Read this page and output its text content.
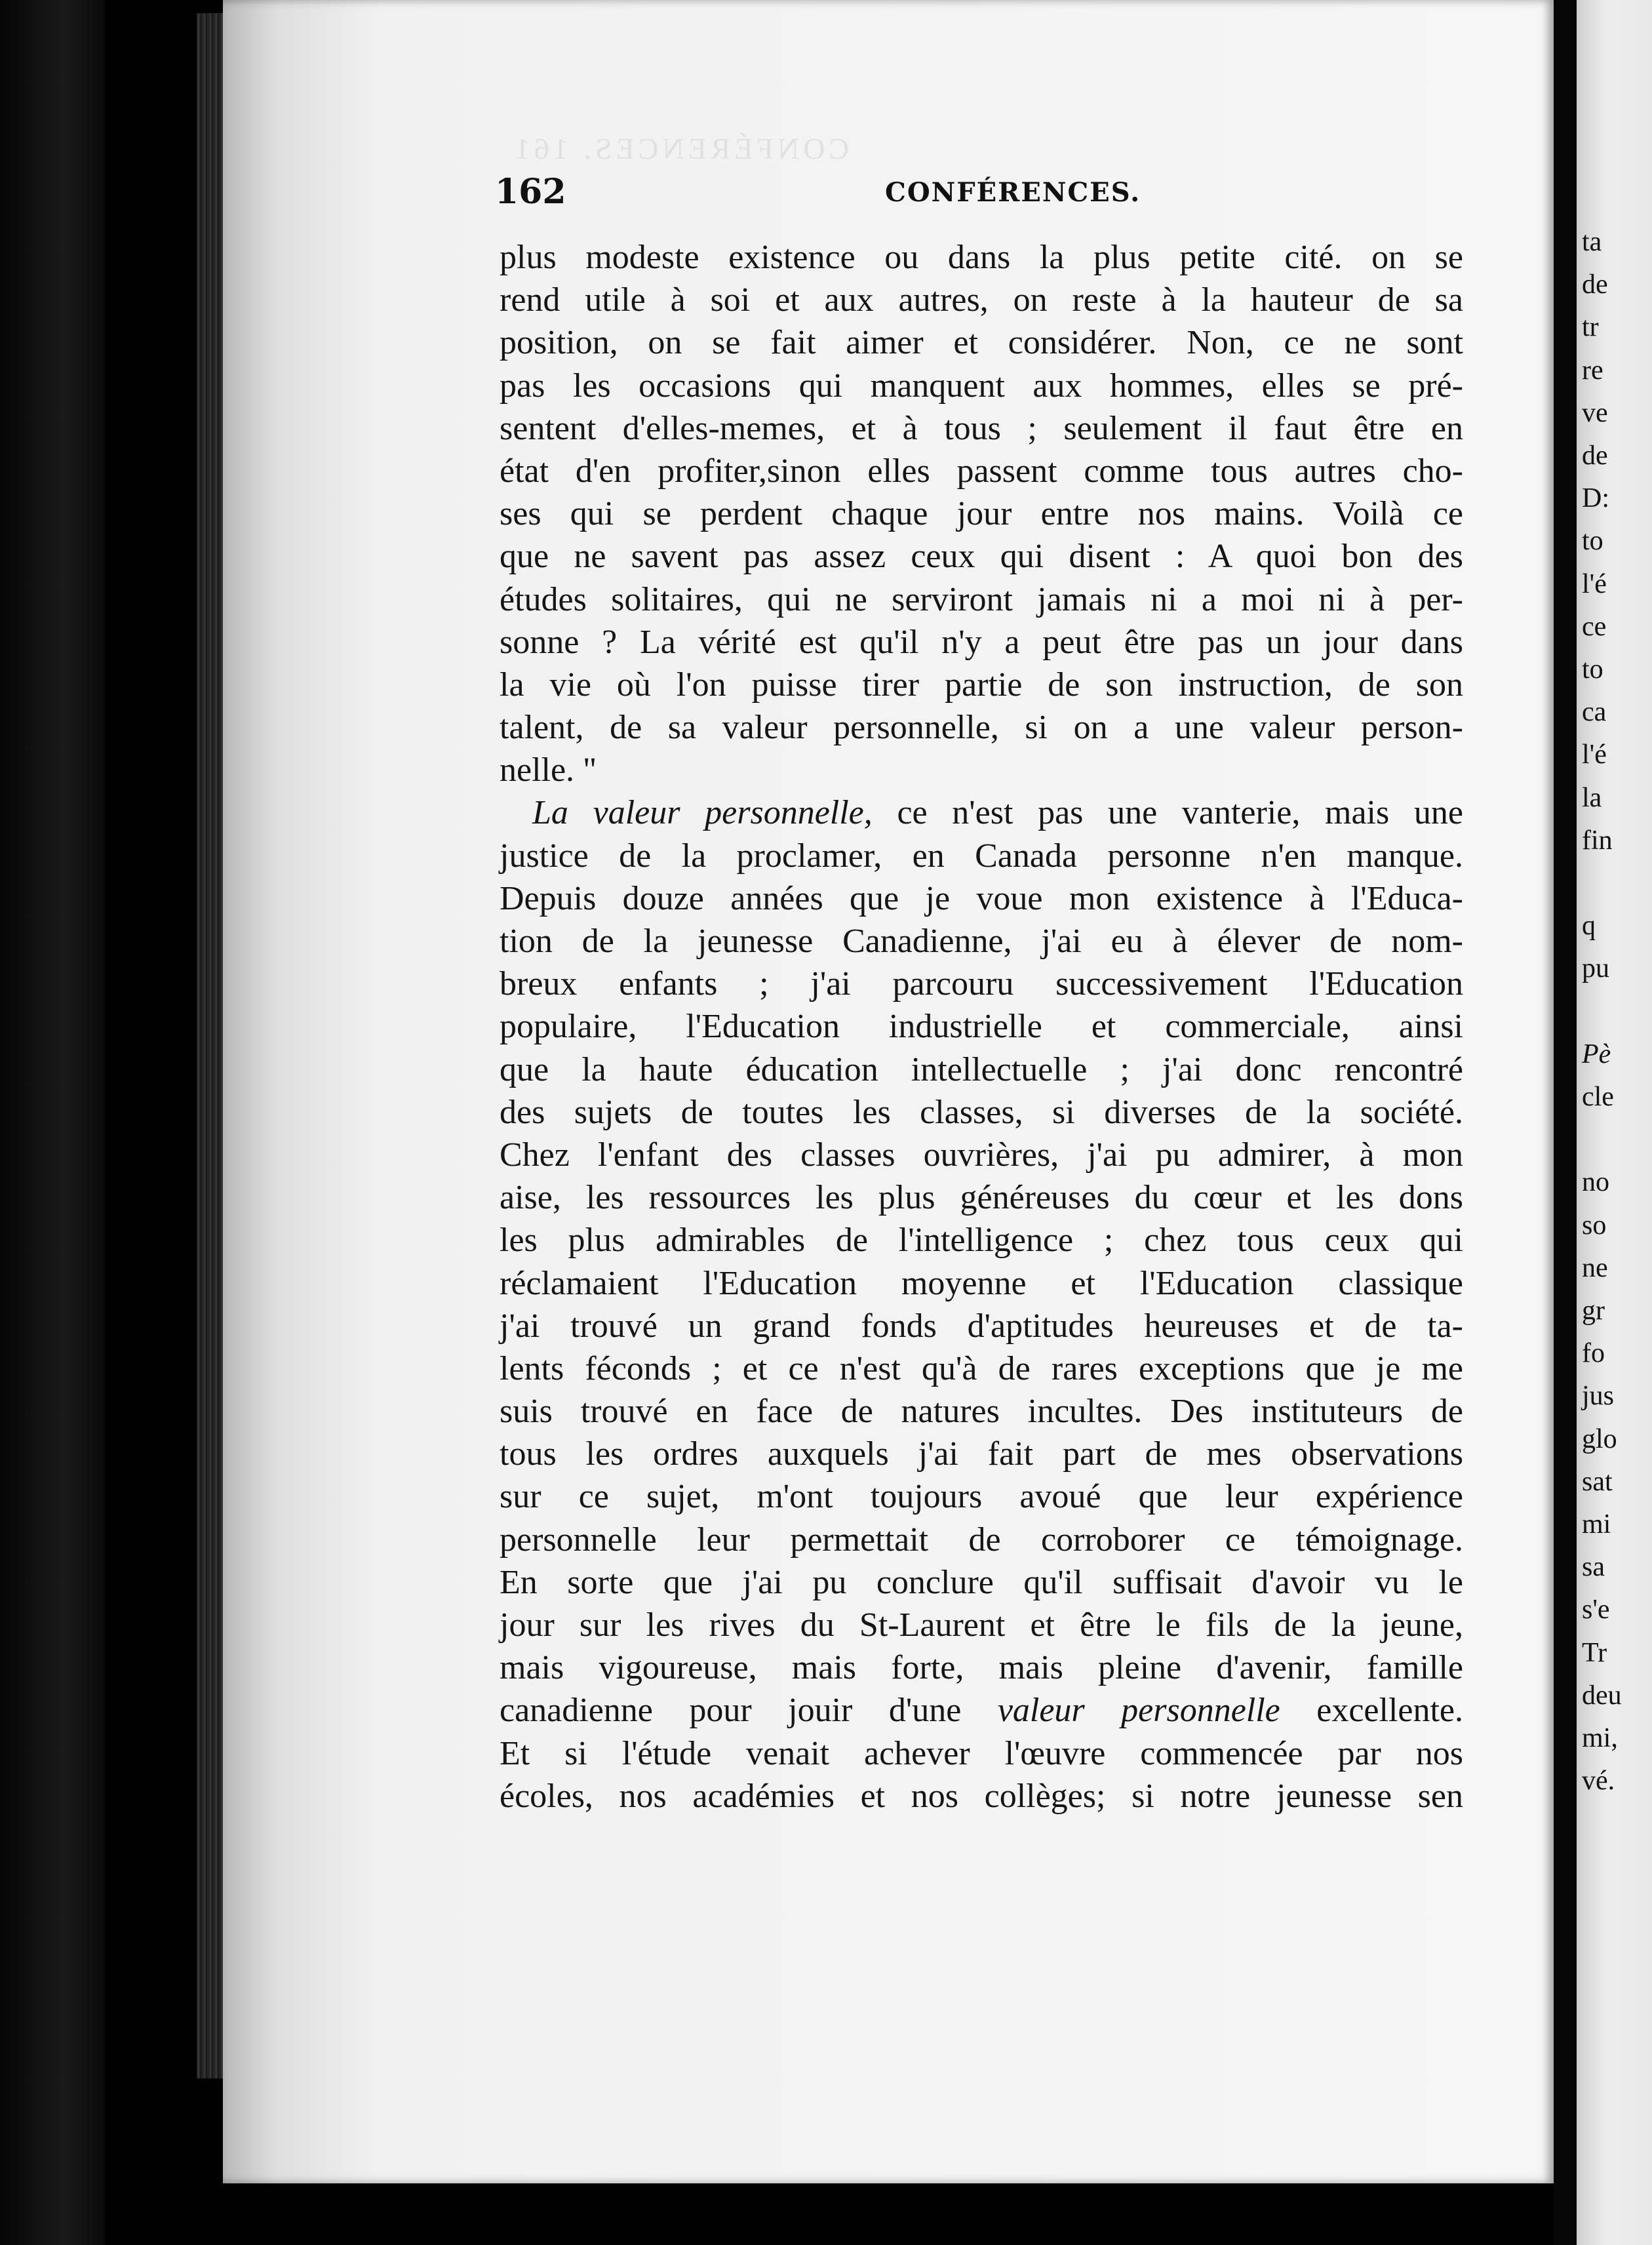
CONFÉRENCES. 161
162	CONFÉRENCES.
plus modeste existence ou dans la plus petite cité. on se
rend utile à soi et aux autres, on reste à la hauteur de sa
position, on se fait aimer et considérer. Non, ce ne sont
pas les occasions qui manquent aux hommes, elles se pré-
sentent d'elles-memes, et à tous ; seulement il faut être en
état d'en profiter,sinon elles passent comme tous autres cho-
ses qui se perdent chaque jour entre nos mains. Voilà ce
que ne savent pas assez ceux qui disent : A quoi bon des
études solitaires, qui ne serviront jamais ni a moi ni à per-
sonne ? La vérité est qu'il n'y a peut être pas un jour dans
la vie où l'on puisse tirer partie de son instruction, de son
talent, de sa valeur personnelle, si on a une valeur person-
nelle. "
La valeur personnelle, ce n'est pas une vanterie, mais une
justice de la proclamer, en Canada personne n'en manque.
Depuis douze années que je voue mon existence à l'Educa-
tion de la jeunesse Canadienne, j'ai eu à élever de nom-
breux enfants ; j'ai parcouru successivement l'Education
populaire, l'Education industrielle et commerciale, ainsi
que la haute éducation intellectuelle ; j'ai donc rencontré
des sujets de toutes les classes, si diverses de la société.
Chez l'enfant des classes ouvrières, j'ai pu admirer, à mon
aise, les ressources les plus généreuses du cœur et les dons
les plus admirables de l'intelligence ; chez tous ceux qui
réclamaient l'Education moyenne et l'Education classique
j'ai trouvé un grand fonds d'aptitudes heureuses et de ta-
lents féconds ; et ce n'est qu'à de rares exceptions que je me
suis trouvé en face de natures incultes. Des instituteurs de
tous les ordres auxquels j'ai fait part de mes observations
sur ce sujet, m'ont toujours avoué que leur expérience
personnelle leur permettait de corroborer ce témoignage.
En sorte que j'ai pu conclure qu'il suffisait d'avoir vu le
jour sur les rives du St-Laurent et être le fils de la jeune,
mais vigoureuse, mais forte, mais pleine d'avenir, famille
canadienne pour jouir d'une valeur personnelle excellente.
Et si l'étude venait achever l'œuvre commencée par nos
écoles, nos académies et nos collèges; si notre jeunesse sen
ta
de
tr
re
ve
de
D:
to
l'é
ce
to
ca
l'é
la
fin
q
pu
Pè
cle
no
so
ne
gr
fo
jus
glo
sat
mi
sa
s'e
Tr
deu
mi,
vé.
